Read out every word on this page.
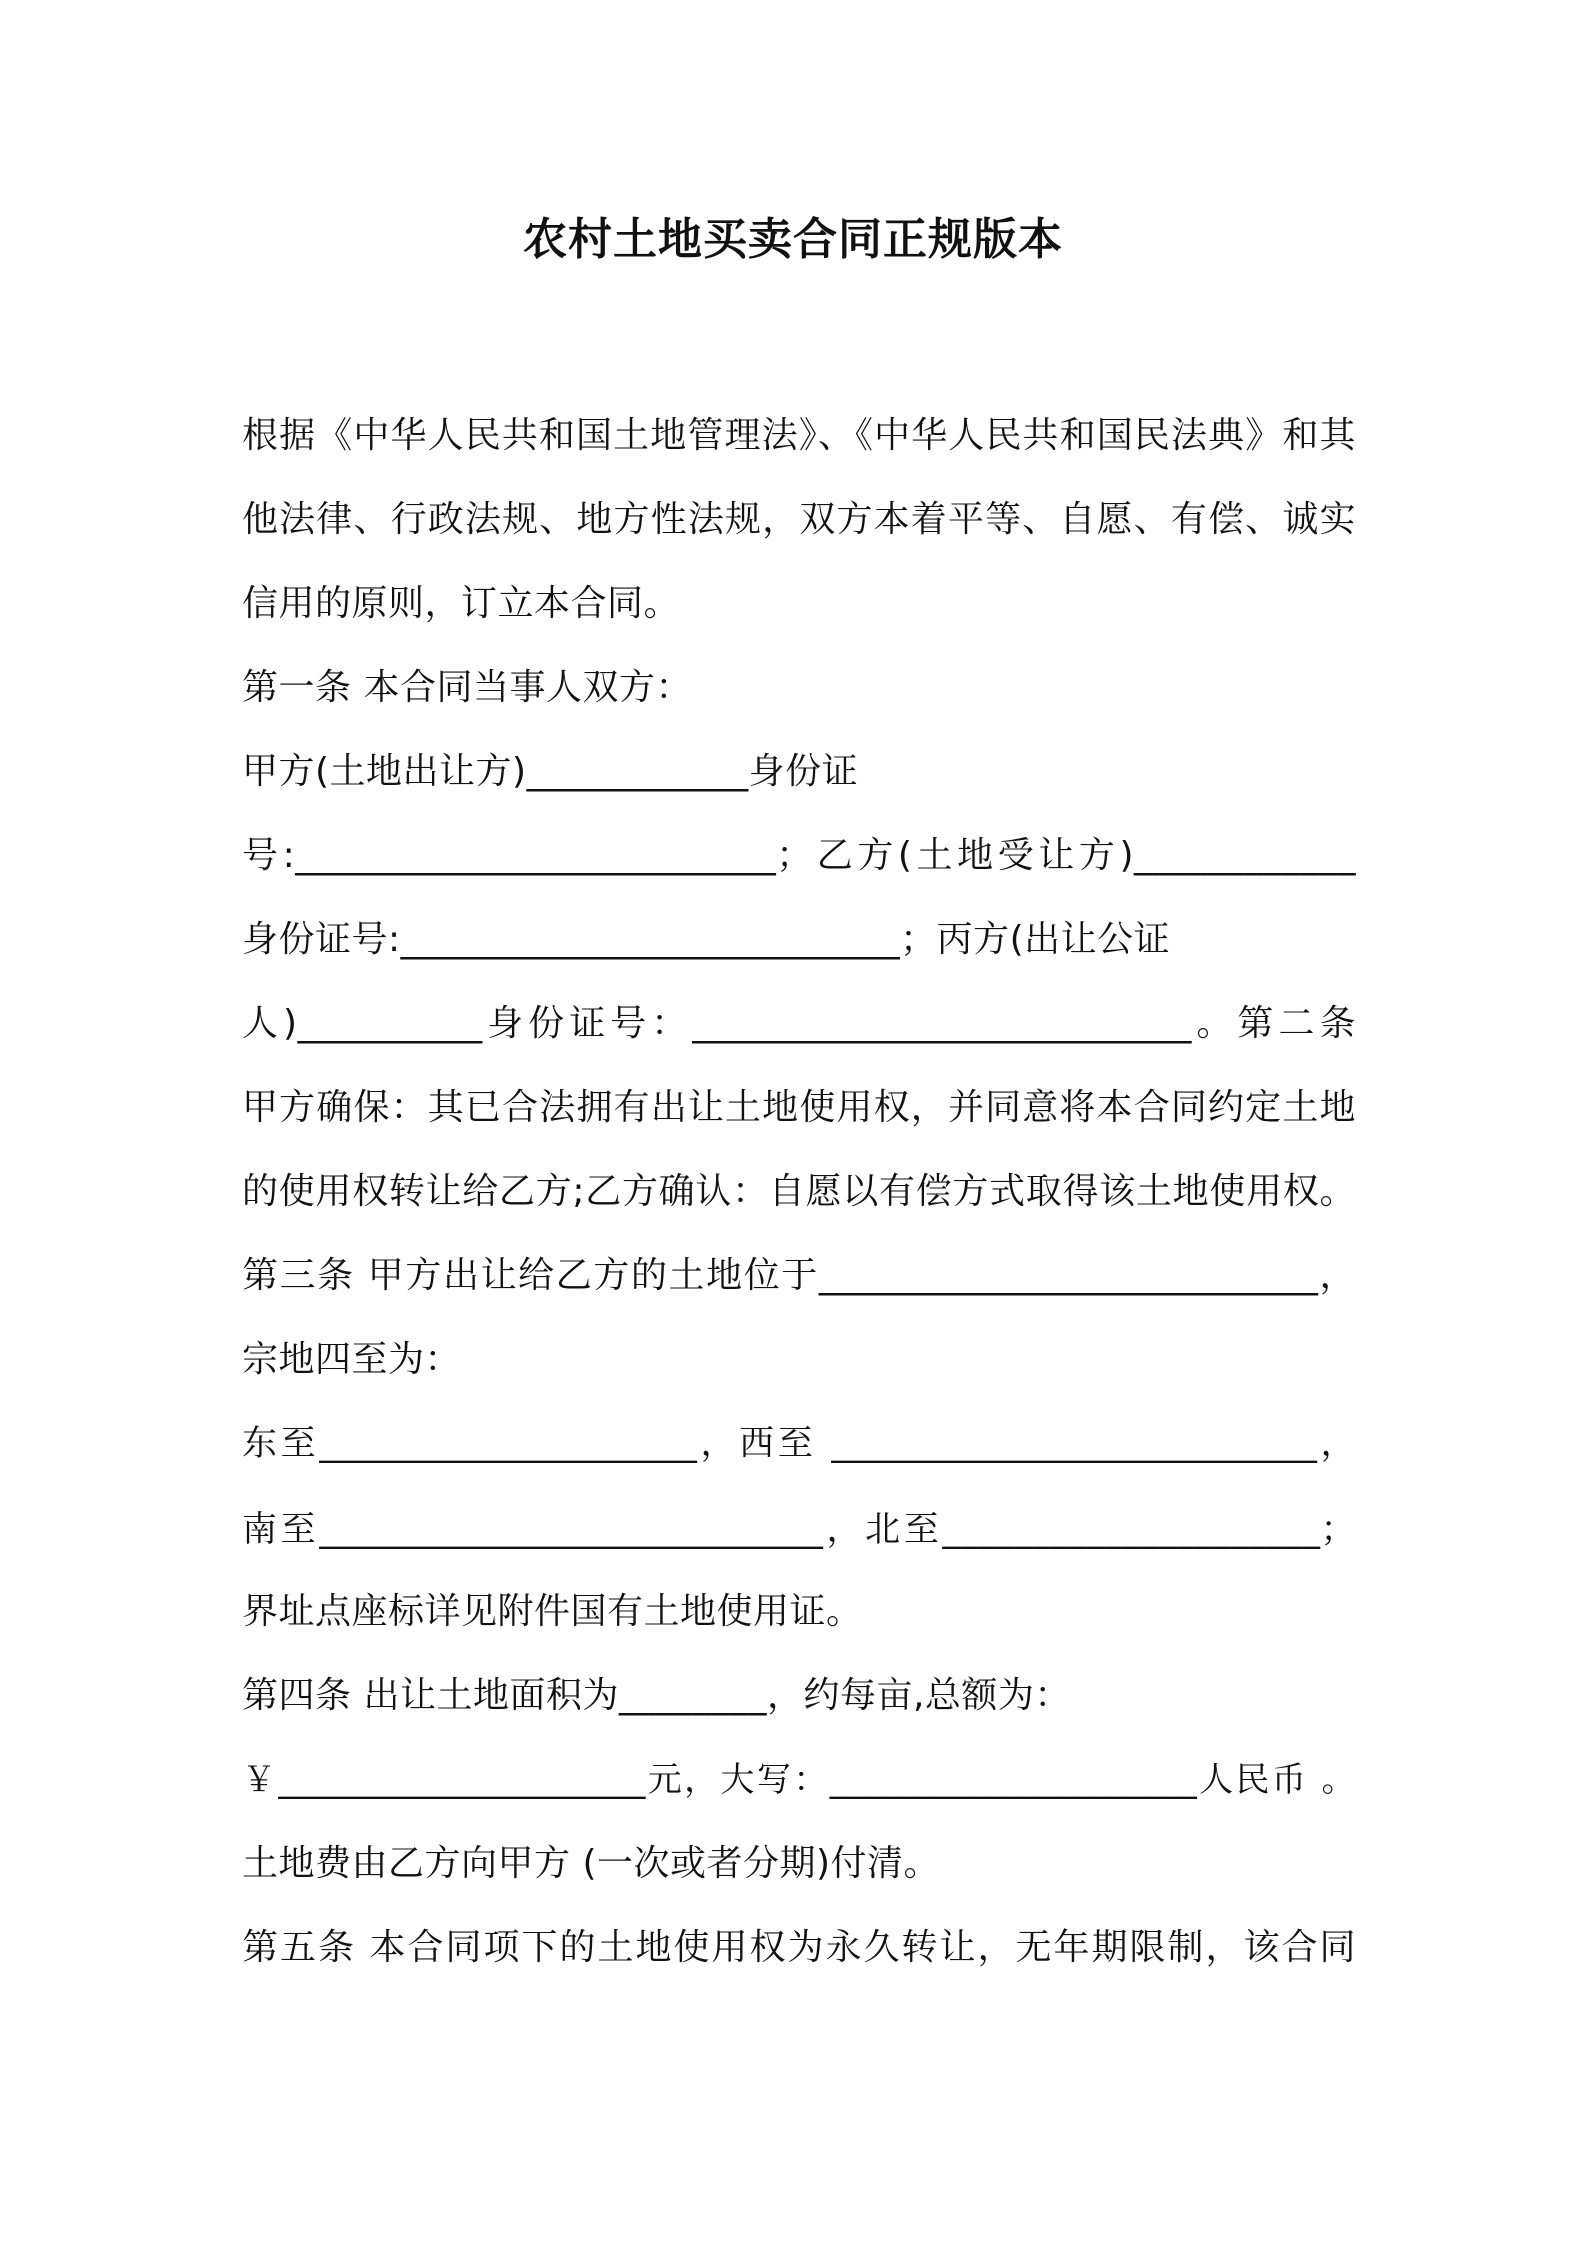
农村土地买卖合同正规版本
根据《中华人民共和国土地管理法》、《中华人民共和国民法典》和其
他法律、行政法规、地方性法规，双方本着平等、自愿、有偿、诚实
信用的原则，订立本合同。
第一条 本合同当事人双方：
甲方(土地出让方)____________身份证
号:__________________________；乙方(土地受让方)____________
身份证号:___________________________；丙方(出让公证
人)__________身份证号：___________________________。第二条
甲方确保：其已合法拥有出让土地使用权，并同意将本合同约定土地
的使用权转让给乙方;乙方确认：自愿以有偿方式取得该土地使用权。
第三条 甲方出让给乙方的土地位于___________________________，
宗地四至为：
东至_____________________，西至 ___________________________，
南至____________________________，北至_____________________；
界址点座标详见附件国有土地使用证。
第四条 出让土地面积为________，约每亩,总额为：
￥_____________________元，大写：_____________________人民币 。
土地费由乙方向甲方 (一次或者分期)付清。
第五条 本合同项下的土地使用权为永久转让，无年期限制，该合同
